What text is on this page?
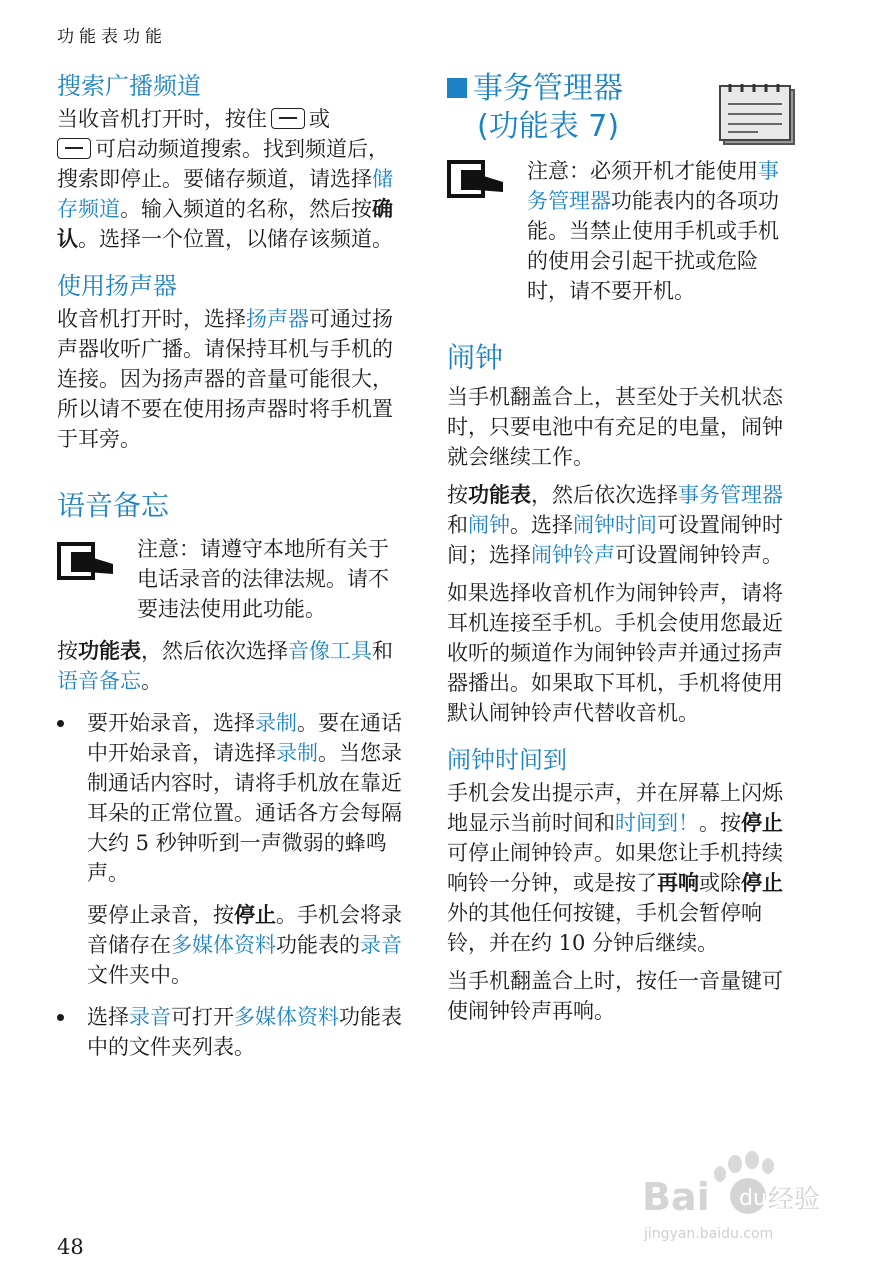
功能表功能
搜索广播频道

当收音机打开时，按住 或
可启动频道搜索。找到频道后，搜索即停止。要储存频道，请选择储存频道。输入频道的名称，然后按确认。选择一个位置，以储存该频道。

使用扬声器

收音机打开时，选择扬声器可通过扬声器收听广播。请保持耳机与手机的连接。因为扬声器的音量可能很大，所以请不要在使用扬声器时将手机置于耳旁。

语音备忘

注意：请遵守本地所有关于电话录音的法律法规。请不要违法使用此功能。

按功能表，然后依次选择音像工具和语音备忘。

要开始录音，选择录制。要在通话中开始录音，请选择录制。当您录制通话内容时，请将手机放在靠近耳朵的正常位置。通话各方会每隔大约 5 秒钟听到一声微弱的蜂鸣声。

要停止录音，按停止。手机会将录音储存在多媒体资料功能表的录音文件夹中。

选择录音可打开多媒体资料功能表中的文件夹列表。

事务管理器
(功能表 7)

注意：必须开机才能使用事务管理器功能表内的各项功能。当禁止使用手机或手机的使用会引起干扰或危险时，请不要开机。

闹钟

当手机翻盖合上，甚至处于关机状态时，只要电池中有充足的电量，闹钟就会继续工作。

按功能表，然后依次选择事务管理器和闹钟。选择闹钟时间可设置闹钟时间；选择闹钟铃声可设置闹钟铃声。

如果选择收音机作为闹钟铃声，请将耳机连接至手机。手机会使用您最近收听的频道作为闹钟铃声并通过扬声器播出。如果取下耳机，手机将使用默认闹钟铃声代替收音机。

闹钟时间到

手机会发出提示声，并在屏幕上闪烁地显示当前时间和时间到！。按停止可停止闹钟铃声。如果您让手机持续响铃一分钟，或是按了再响或除停止外的其他任何按键，手机会暂停响铃，并在约 10 分钟后继续。

当手机翻盖合上时，按任一音量键可使闹钟铃声再响。

Bai du 经验
jingyan.baidu.com
48
